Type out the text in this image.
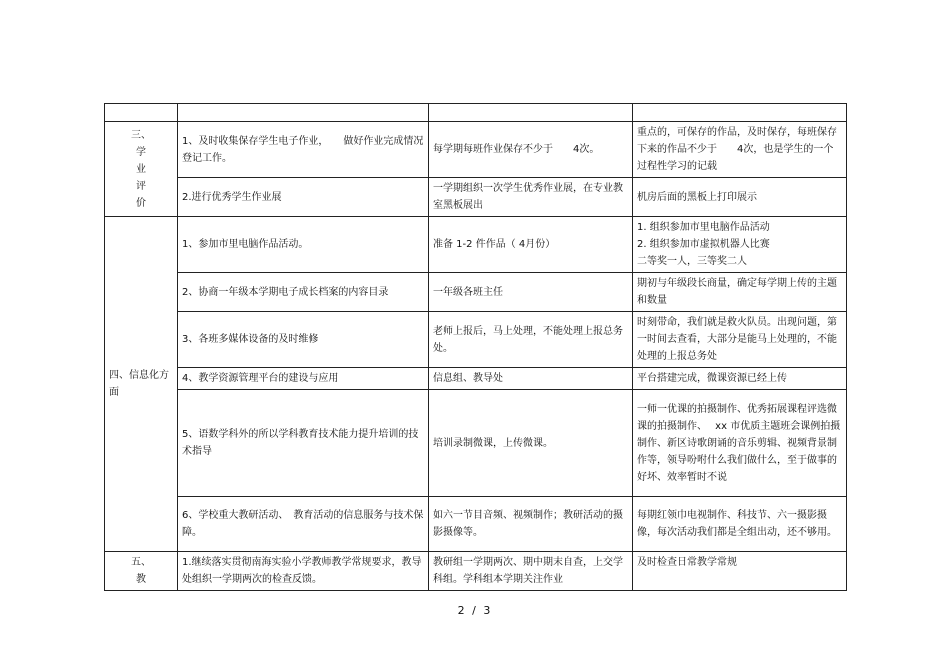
三、
学
业
评
价	1、及时收集保存学生电子作业，　　做好作业完成情况登记工作。	每学期每班作业保存不少于　　4次。	重点的，可保存的作品，及时保存，每班保存下来的作品不少于　　4次，也是学生的一个过程性学习的记载
	2.进行优秀学生作业展	一学期组织一次学生优秀作业展，在专业教室黑板展出	机房后面的黑板上打印展示
四、信息化方面	1、参加市里电脑作品活动。	准备 1-2 件作品（ 4月份）	1. 组织参加市里电脑作品活动
2. 组织参加市虚拟机器人比赛
二等奖一人，三等奖二人
	2、协商一年级本学期电子成长档案的内容目录	一年级各班主任	期初与年级段长商量，确定每学期上传的主题和数量
	3、各班多媒体设备的及时维修	老师上报后，马上处理，不能处理上报总务处。	时刻带命，我们就是救火队员。出现问题，第一时间去查看，大部分是能马上处理的，不能处理的上报总务处
	4、教学资源管理平台的建设与应用	信息组、教导处	平台搭建完成，微课资源已经上传
	5、语数学科外的所以学科教育技术能力提升培训的技术指导	培训录制微课，上传微课。	一师一优课的拍摄制作、优秀拓展课程评选微课的拍摄制作、　 xx 市优质主题班会课例拍摄制作、新区诗歌朗诵的音乐剪辑、视频背景制作等，领导吩咐什么我们做什么，至于做事的好坏、效率暂时不说
	6、学校重大教研活动、　教育活动的信息服务与技术保障。	如六一节目音频、视频制作；教研活动的摄影摄像等。	每期红领巾电视制作、科技节、六一摄影摄像，每次活动我们都是全组出动，还不够用。
五、
教	1.继续落实贯彻南海实验小学教师教学常规要求，教导处组织一学期两次的检查反馈。	教研组一学期两次、期中期末自查，上交学科组。学科组本学期关注作业	及时检查日常教学常规
2 / 3
